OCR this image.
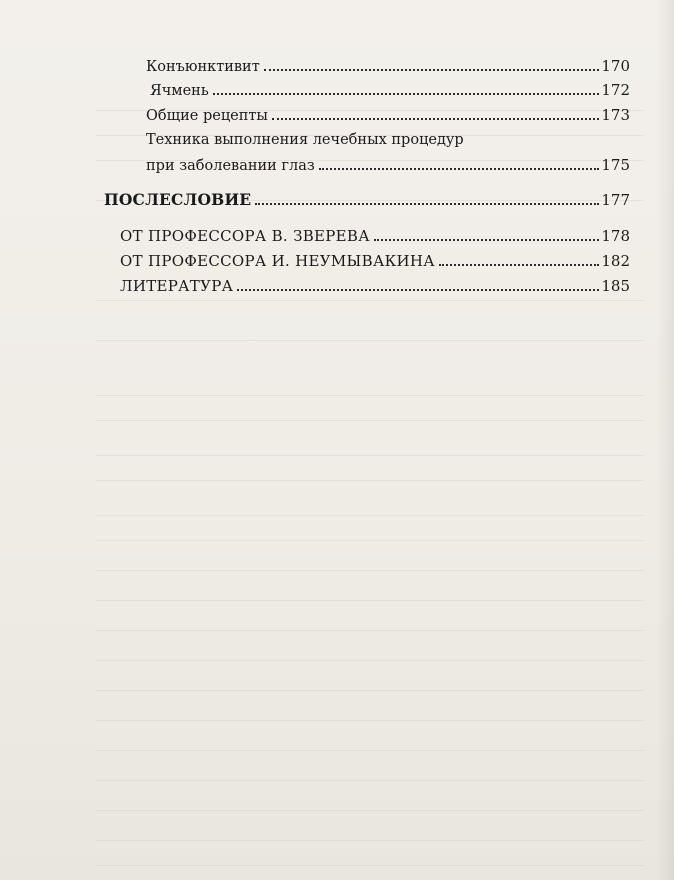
Конъюнктивит	170
Ячмень	172
Общие рецепты	173
Техника выполнения лечебных процедур
при заболевании глаз	175
ПОСЛЕСЛОВИЕ	177
ОТ ПРОФЕССОРА В. ЗВЕРЕВА	178
ОТ ПРОФЕССОРА И. НЕУМЫВАКИНА	182
ЛИТЕРАТУРА	185
